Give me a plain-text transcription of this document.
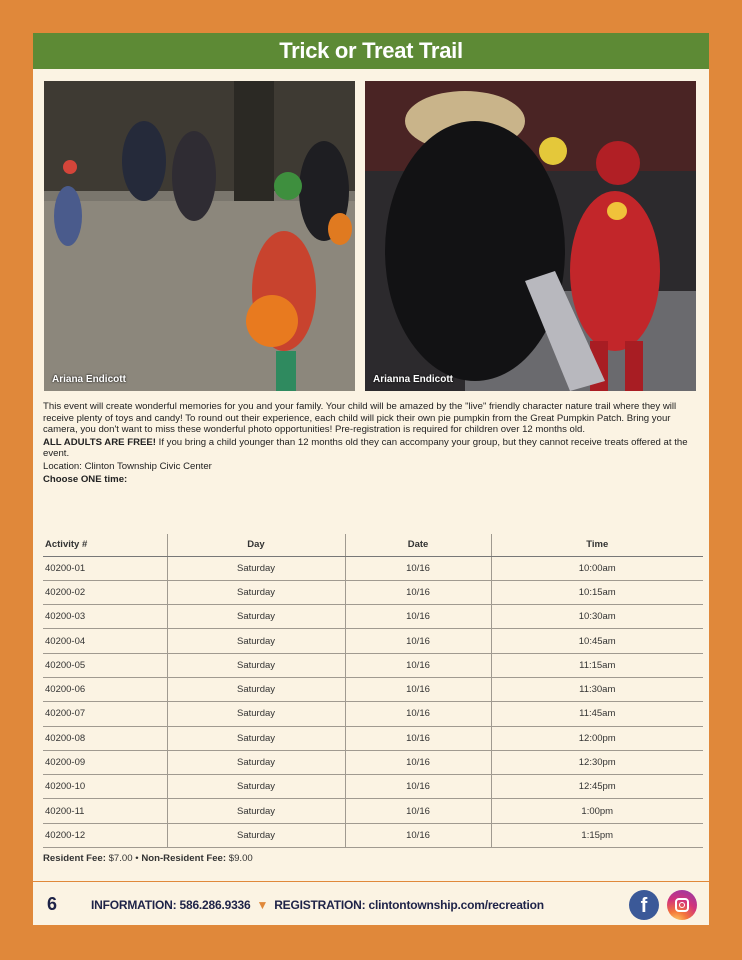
Trick or Treat Trail
Ariana Endicott	Arianna Endicott

This event will create wonderful memories for you and your family. Your child will be amazed by the "live" friendly character nature trail where they will receive plenty of toys and candy! To round out their experience, each child will pick their own pie pumpkin from the Great Pumpkin Patch. Bring your camera, you don't want to miss these wonderful photo opportunities! Pre-registration is required for children over 12 months old.

ALL ADULTS ARE FREE! If you bring a child younger than 12 months old they can accompany your group, but they cannot receive treats offered at the event.

Location: Clinton Township Civic Center

Choose ONE time:

Activity #	Day	Date	Time
40200-01	Saturday	10/16	10:00am
40200-02	Saturday	10/16	10:15am
40200-03	Saturday	10/16	10:30am
40200-04	Saturday	10/16	10:45am
40200-05	Saturday	10/16	11:15am
40200-06	Saturday	10/16	11:30am
40200-07	Saturday	10/16	11:45am
40200-08	Saturday	10/16	12:00pm
40200-09	Saturday	10/16	12:30pm
40200-10	Saturday	10/16	12:45pm
40200-11	Saturday	10/16	1:00pm
40200-12	Saturday	10/16	1:15pm
Resident Fee: $7.00 • Non-Resident Fee: $9.00
6	INFORMATION: 586.286.9336 ▼ REGISTRATION: clintontownship.com/recreation	f
